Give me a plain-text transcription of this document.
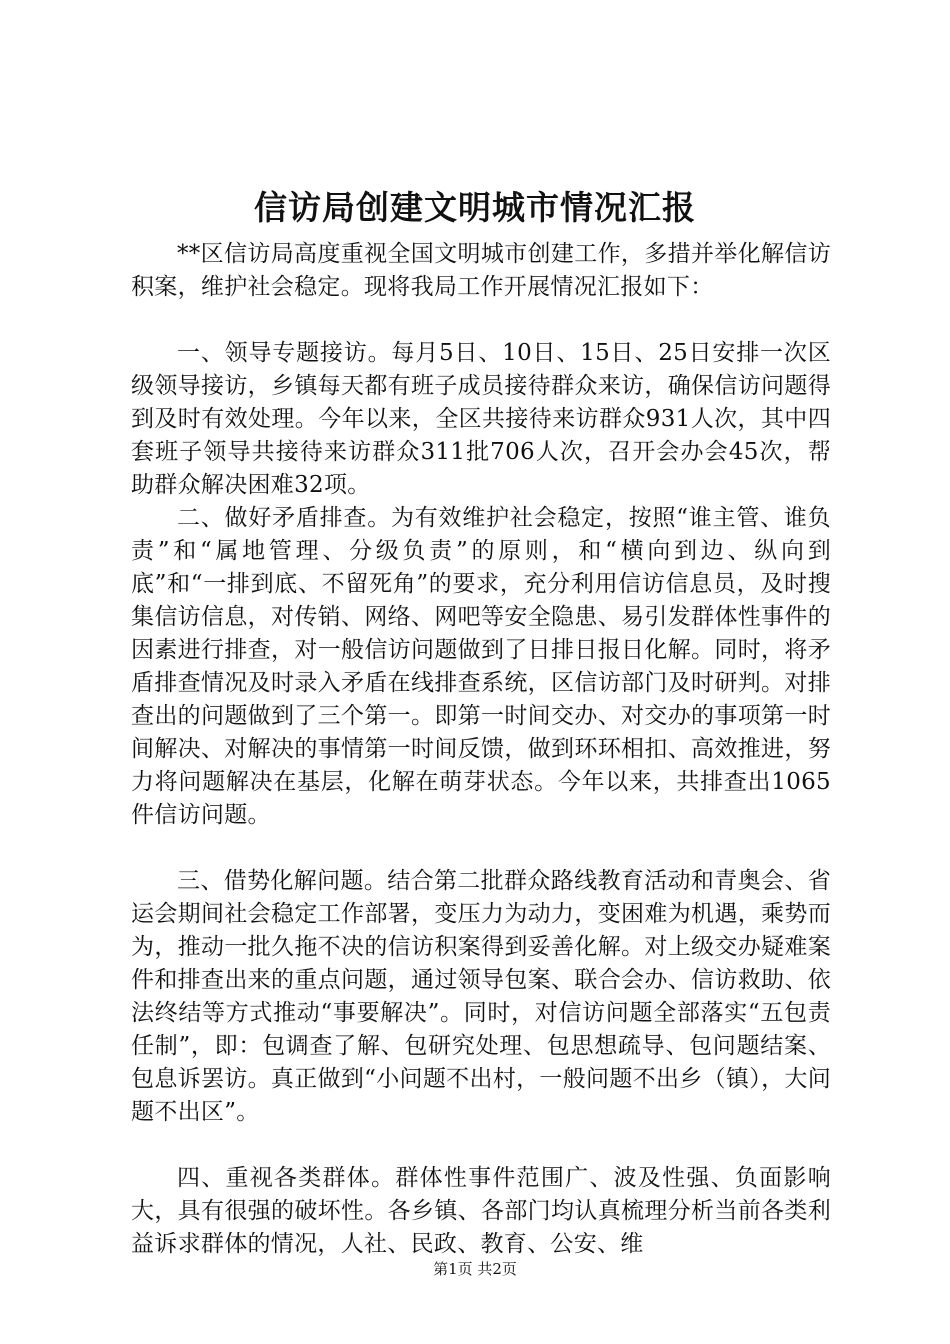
信访局创建文明城市情况汇报

**区信访局高度重视全国文明城市创建工作，多措并举化解信访积案，维护社会稳定。现将我局工作开展情况汇报如下：

一、领导专题接访。每月5日、10日、15日、25日安排一次区级领导接访，乡镇每天都有班子成员接待群众来访，确保信访问题得到及时有效处理。今年以来，全区共接待来访群众931人次，其中四套班子领导共接待来访群众311批706人次，召开会办会45次，帮助群众解决困难32项。

二、做好矛盾排查。为有效维护社会稳定，按照“谁主管、谁负责”和“属地管理、分级负责”的原则，和“横向到边、纵向到底”和“一排到底、不留死角”的要求，充分利用信访信息员，及时搜集信访信息，对传销、网络、网吧等安全隐患、易引发群体性事件的因素进行排查，对一般信访问题做到了日排日报日化解。同时，将矛盾排查情况及时录入矛盾在线排查系统，区信访部门及时研判。对排查出的问题做到了三个第一。即第一时间交办、对交办的事项第一时间解决、对解决的事情第一时间反馈，做到环环相扣、高效推进，努力将问题解决在基层，化解在萌芽状态。今年以来，共排查出1065件信访问题。

三、借势化解问题。结合第二批群众路线教育活动和青奥会、省运会期间社会稳定工作部署，变压力为动力，变困难为机遇，乘势而为，推动一批久拖不决的信访积案得到妥善化解。对上级交办疑难案件和排查出来的重点问题，通过领导包案、联合会办、信访救助、依法终结等方式推动“事要解决”。同时，对信访问题全部落实“五包责任制”，即：包调查了解、包研究处理、包思想疏导、包问题结案、包息诉罢访。真正做到“小问题不出村，一般问题不出乡（镇），大问题不出区”。

四、重视各类群体。群体性事件范围广、波及性强、负面影响大，具有很强的破坏性。各乡镇、各部门均认真梳理分析当前各类利益诉求群体的情况，人社、民政、教育、公安、维

第1页 共2页
